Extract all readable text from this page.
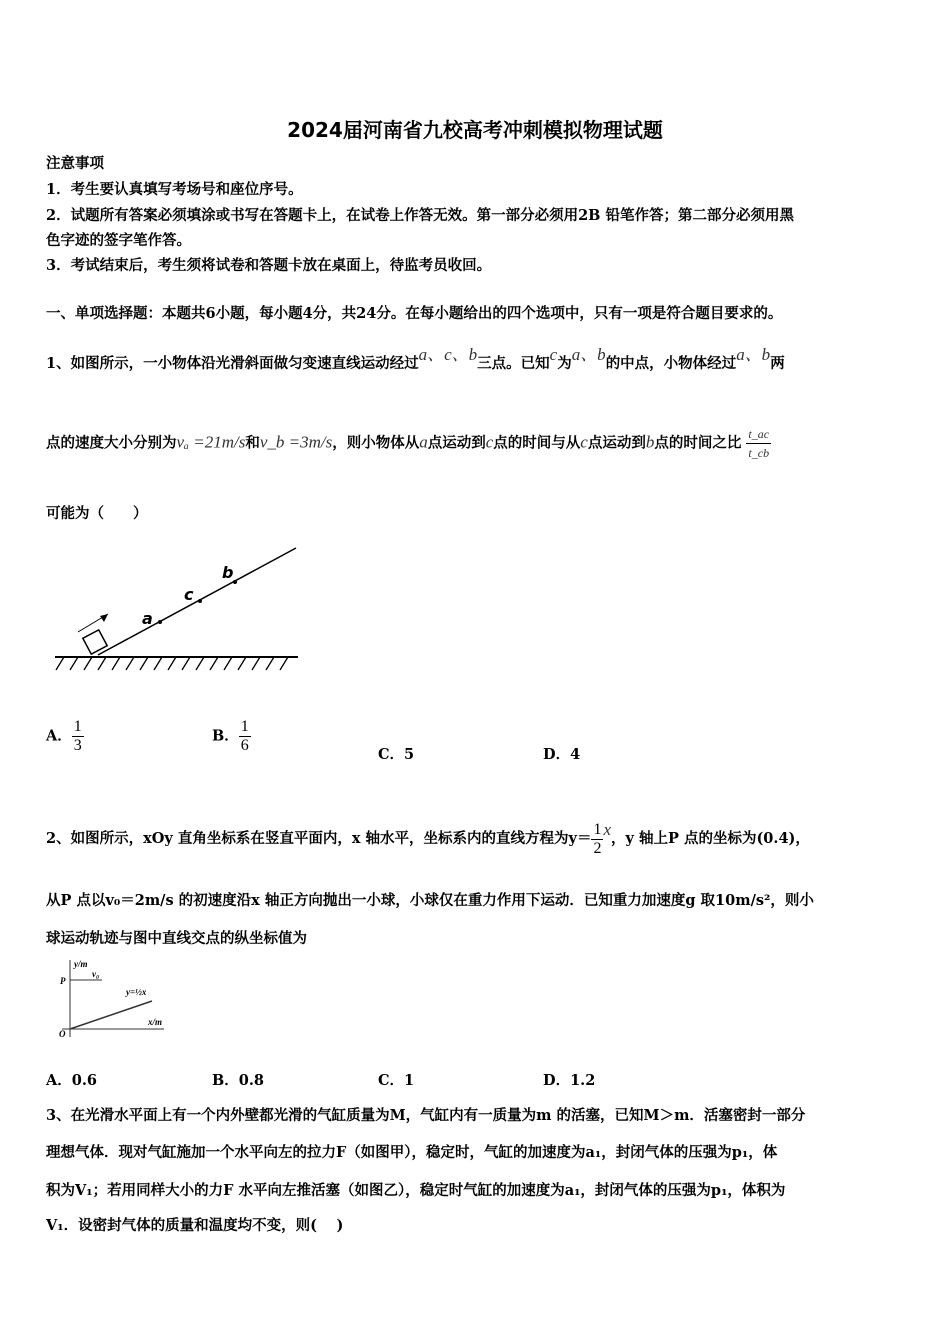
2024届河南省九校高考冲刺模拟物理试题
注意事项
1．考生要认真填写考场号和座位序号。
2．试题所有答案必须填涂或书写在答题卡上，在试卷上作答无效。第一部分必须用2B 铅笔作答；第二部分必须用黑
色字迹的签字笔作答。
3．考试结束后，考生须将试卷和答题卡放在桌面上，待监考员收回。
一、单项选择题：本题共6小题，每小题4分，共24分。在每小题给出的四个选项中，只有一项是符合题目要求的。
1、如图所示，一小物体沿光滑斜面做匀变速直线运动经过a、c、b三点。已知c为a、b的中点，小物体经过a、b两
点的速度大小分别为vₐ =21m/s和v_b =3m/s，则小物体从a点运动到c点的时间与从c点运动到b点的时间之比 $\frac{t\_ac}{t\_cb}$
可能为（　　）
a
c
b
A． $\frac{1}{3}$	B． $\frac{1}{6}$	C．5	D．4
2、如图所示，xOy 直角坐标系在竖直平面内，x 轴水平，坐标系内的直线方程为$y= \frac{1}{2}$ x，y 轴上P 点的坐标为(0.4)，
从P 点以v₀＝2m/s 的初速度沿x 轴正方向抛出一小球，小球仅在重力作用下运动．已知重力加速度g 取10m/s²，则小
球运动轨迹与图中直线交点的纵坐标值为
y/m
x/m
O
P
v₀
y=½x
A．0.6	B．0.8	C．1	D．1.2
3、在光滑水平面上有一个内外壁都光滑的气缸质量为M，气缸内有一质量为m 的活塞，已知M＞m．活塞密封一部分
理想气体．现对气缸施加一个水平向左的拉力F（如图甲），稳定时，气缸的加速度为a₁，封闭气体的压强为p₁，体
积为V₁；若用同样大小的力F 水平向左推活塞（如图乙），稳定时气缸的加速度为a₁，封闭气体的压强为p₁，体积为
V₁．设密封气体的质量和温度均不变，则(　 )
